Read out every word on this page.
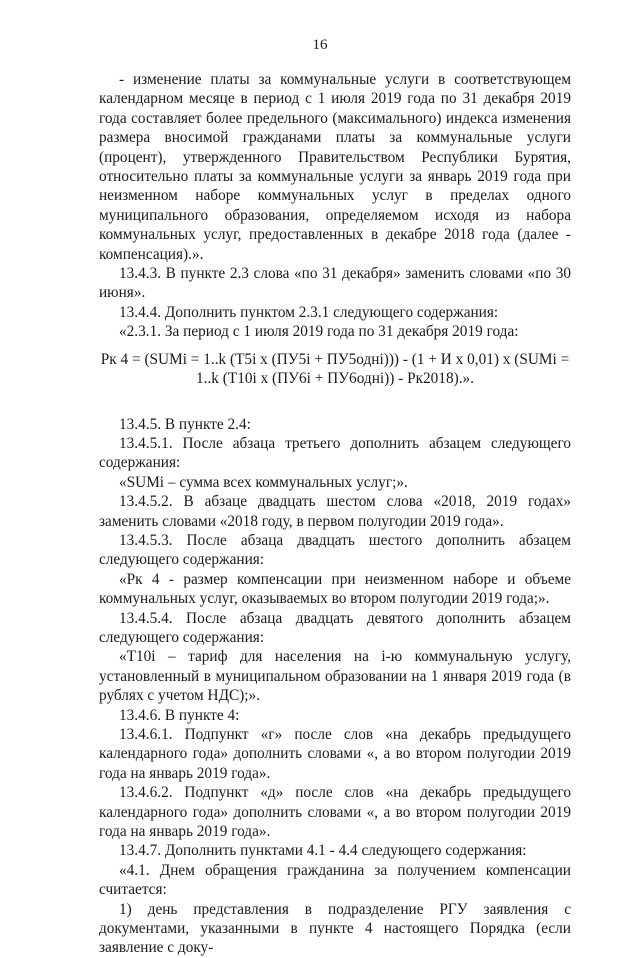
16

- изменение платы за коммунальные услуги в соответствующем календарном месяце в период с 1 июля 2019 года по 31 декабря 2019 года составляет более предельного (максимального) индекса изменения размера вносимой гражданами платы за коммунальные услуги (процент), утвержденного Правительством Республики Бурятия, относительно платы за коммунальные услуги за январь 2019 года при неизменном наборе коммунальных услуг в пределах одного муниципального образования, определяемом исходя из набора коммунальных услуг, предоставленных в декабре 2018 года (далее - компенсация).».

13.4.3. В пункте 2.3 слова «по 31 декабря» заменить словами «по 30 июня».

13.4.4. Дополнить пунктом 2.3.1 следующего содержания:

«2.3.1. За период с 1 июля 2019 года по 31 декабря 2019 года:

Рк 4 = (SUMi = 1..k (T5i x (ПУ5i + ПУ5одні))) - (1 + И x 0,01) x (SUMi =

1..k (T10i x (ПУ6i + ПУ6одні)) - Рк2018).».

13.4.5. В пункте 2.4:

13.4.5.1. После абзаца третьего дополнить абзацем следующего содержания:

«SUMi – сумма всех коммунальных услуг;».

13.4.5.2. В абзаце двадцать шестом слова «2018, 2019 годах» заменить словами «2018 году, в первом полугодии 2019 года».

13.4.5.3. После абзаца двадцать шестого дополнить абзацем следующего содержания:

«Рк 4 - размер компенсации при неизменном наборе и объеме коммунальных услуг, оказываемых во втором полугодии 2019 года;».

13.4.5.4. После абзаца двадцать девятого дополнить абзацем следующего содержания:

«T10i – тариф для населения на i-ю коммунальную услугу, установленный в муниципальном образовании на 1 января 2019 года (в рублях с учетом НДС);».

13.4.6. В пункте 4:

13.4.6.1. Подпункт «г» после слов «на декабрь предыдущего календарного года» дополнить словами «, а во втором полугодии 2019 года на январь 2019 года».

13.4.6.2. Подпункт «д» после слов «на декабрь предыдущего календарного года» дополнить словами «, а во втором полугодии 2019 года на январь 2019 года».

13.4.7. Дополнить пунктами 4.1 - 4.4 следующего содержания:

«4.1. Днем обращения гражданина за получением компенсации считается:

1) день представления в подразделение РГУ заявления с документами, указанными в пункте 4 настоящего Порядка (если заявление с доку-
